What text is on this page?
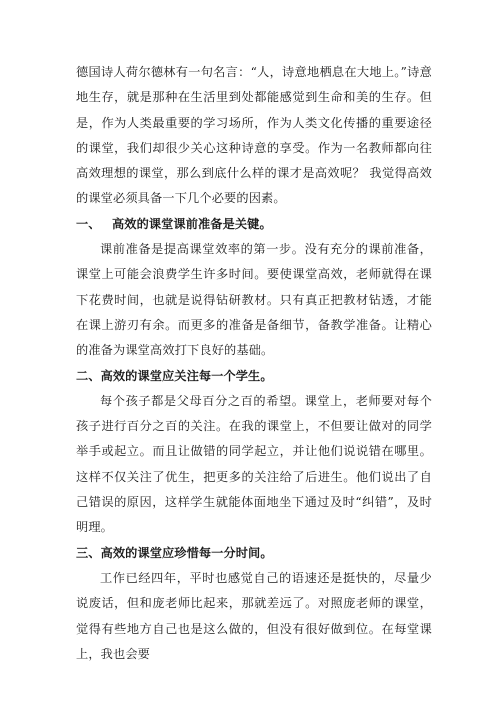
德国诗人荷尔德林有一句名言：“人，诗意地栖息在大地上。”诗意地生存，就是那种在生活里到处都能感觉到生命和美的生存。但是，作为人类最重要的学习场所，作为人类文化传播的重要途径的课堂，我们却很少关心这种诗意的享受。作为一名教师都向往高效理想的课堂，那么到底什么样的课才是高效呢？ 我觉得高效的课堂必须具备一下几个必要的因素。

一、 高效的课堂课前准备是关键。

课前准备是提高课堂效率的第一步。没有充分的课前准备，课堂上可能会浪费学生许多时间。要使课堂高效，老师就得在课下花费时间，也就是说得钻研教材。只有真正把教材钻透，才能在课上游刃有余。而更多的准备是备细节，备教学准备。让精心的准备为课堂高效打下良好的基础。

二、高效的课堂应关注每一个学生。

每个孩子都是父母百分之百的希望。课堂上，老师要对每个孩子进行百分之百的关注。在我的课堂上，不但要让做对的同学举手或起立。而且让做错的同学起立，并让他们说说错在哪里。这样不仅关注了优生，把更多的关注给了后进生。他们说出了自己错误的原因，这样学生就能体面地坐下通过及时“纠错”，及时明理。

三、高效的课堂应珍惜每一分时间。

工作已经四年，平时也感觉自己的语速还是挺快的，尽量少说废话，但和庞老师比起来，那就差远了。对照庞老师的课堂，觉得有些地方自己也是这么做的，但没有很好做到位。在每堂课上，我也会要
